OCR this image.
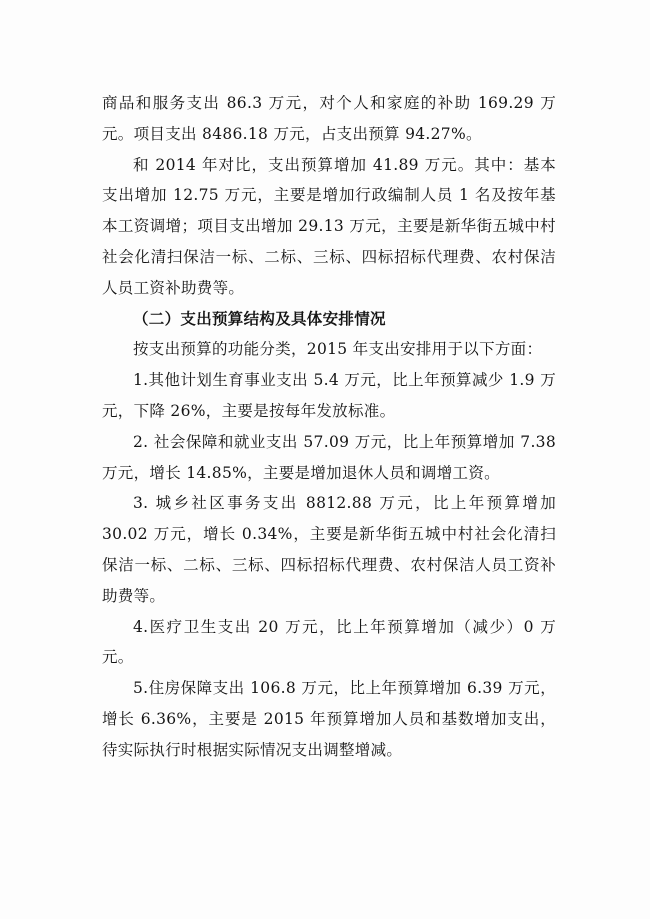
商品和服务支出 86.3 万元，对个人和家庭的补助 169.29 万元。项目支出 8486.18 万元，占支出预算 94.27%。

和 2014 年对比，支出预算增加 41.89 万元。其中：基本支出增加 12.75 万元，主要是增加行政编制人员 1 名及按年基本工资调增；项目支出增加 29.13 万元，主要是新华街五城中村社会化清扫保洁一标、二标、三标、四标招标代理费、农村保洁人员工资补助费等。

（二）支出预算结构及具体安排情况

按支出预算的功能分类，2015 年支出安排用于以下方面：

1.其他计划生育事业支出 5.4 万元，比上年预算减少 1.9 万元，下降 26%，主要是按每年发放标准。

2. 社会保障和就业支出 57.09 万元，比上年预算增加 7.38 万元，增长 14.85%，主要是增加退休人员和调增工资。

3. 城乡社区事务支出 8812.88 万元，比上年预算增加 30.02 万元，增长 0.34%，主要是新华街五城中村社会化清扫保洁一标、二标、三标、四标招标代理费、农村保洁人员工资补助费等。

4.医疗卫生支出 20 万元，比上年预算增加（减少）0 万元。

5.住房保障支出 106.8 万元，比上年预算增加 6.39 万元，增长 6.36%，主要是 2015 年预算增加人员和基数增加支出，待实际执行时根据实际情况支出调整增减。
